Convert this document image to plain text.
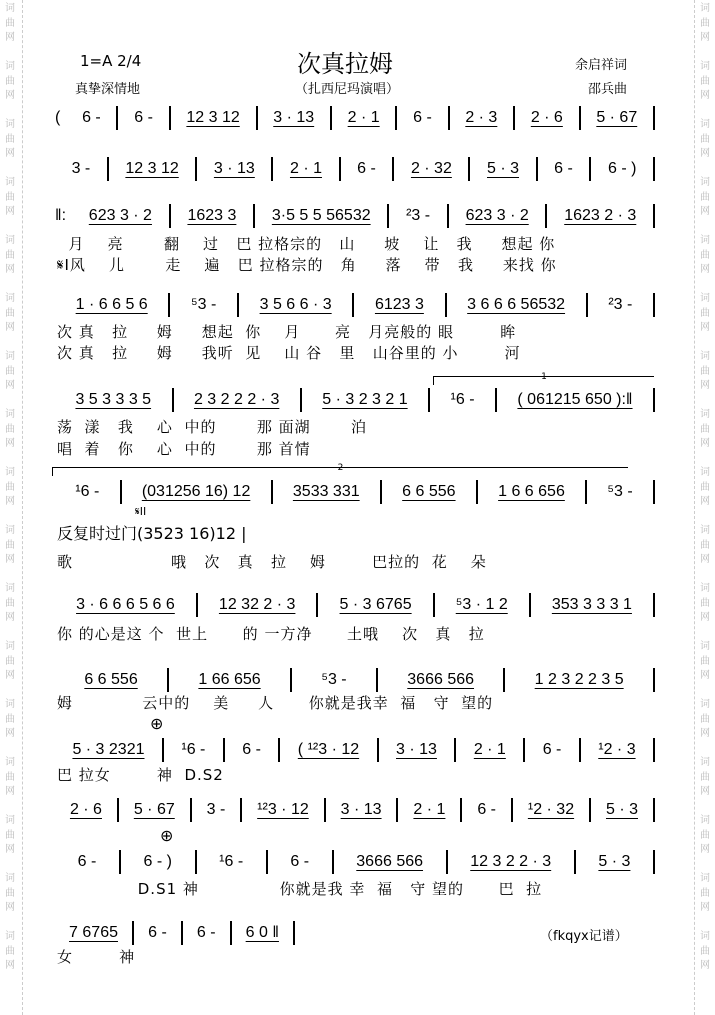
词
曲
网

词
曲
网

词
曲
网

词
曲
网

词
曲
网

词
曲
网

词
曲
网

词
曲
网

词
曲
网

词
曲
网

词
曲
网

词
曲
网

词
曲
网

词
曲
网

词
曲
网

词
曲
网

词
曲
网
词
曲
网

词
曲
网

词
曲
网

词
曲
网

词
曲
网

词
曲
网

词
曲
网

词
曲
网

词
曲
网

词
曲
网

词
曲
网

词
曲
网

词
曲
网

词
曲
网

词
曲
网

词
曲
网

词
曲
网
次真拉姆
1=A 2/4
真挚深情地	（扎西尼玛演唱）
余启祥词
邵兵曲
(	6 -	6 -	12 3 12	3 · 13	2 · 1	6 -	2 · 3	2 · 6	5 · 67
3 -	12 3 12	3 · 13	2 · 1	6 -	2 · 32	5 · 3	6 -	6 - )
‖:	623 3 · 2	1623 3	3·5 5 5 56532	²3 -	623 3 · 2	1623 2 · 3
1 · 6 6 5 6	⁵3 -	3 5 6 6 · 3	6123 3	3 6 6 6 56532	²3 -
3 5 3 3 3 5	2 3 2 2 2 · 3	5 · 3 2 3 2 1	¹6 -	( 061215 650 ):‖
¹6 -	(031256 16) 12	3533 331	6 6 556	1 6 6 656	⁵3 -
3 · 6 6 6 5 6 6	12 32 2 · 3	5 · 3 6765	⁵3 · 1 2	353 3 3 3 1
6 6 556	1 66 656	⁵3 -	3666 566	1 2 3 2 2 3 5
5 · 3 2321	¹6 -	6 -	( ¹²3 · 12	3 · 13	2 · 1	6 -	¹2 · 3
2 · 6	5 · 67	3 -	¹²3 · 12	3 · 13	2 · 1	6 -	¹2 · 32	5 · 3
6 -	6 - )	¹6 -	6 -	3666 566	12 3 2 2 · 3	5 · 3
7 6765	6 -	6 -	6 0 ‖
1
2
𝄋II
反复时过门(3523 16)12 |
⊕
⊕
（fkqyx记谱）
月    亮       翻    过   巴 拉格宗的   山     坡    让   我     想起 你
𝄋I风    儿       走    遍   巴 拉格宗的   角     落    带   我     来找 你
次 真   拉     姆     想起  你    月      亮   月亮般的 眼        眸
次 真   拉     姆     我听  见    山 谷   里   山谷里的 小        河
荡  漾   我    心  中的       那 面湖       泊
唱  着   你    心  中的       那 首情
歌                 哦   次   真   拉    姆        巴拉的  花    朵
你 的心是这 个  世上      的 一方净      土哦    次   真   拉
姆            云中的    美     人      你就是我幸  福   守  望的
巴 拉女        神  D.S2
D.S1 神              你就是我 幸  福   守 望的      巴  拉
女        神
